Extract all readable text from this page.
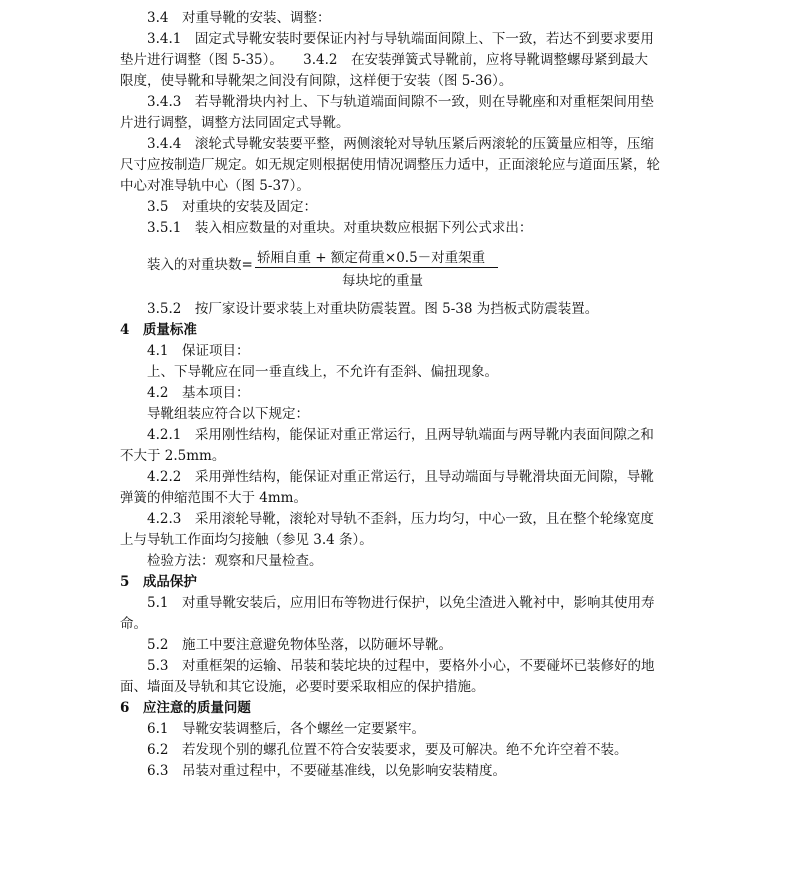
3.4　对重导靴的安装、调整：
3.4.1　固定式导靴安装时要保证内衬与导轨端面间隙上、下一致，若达不到要求要用
垫片进行调整（图 5-35）。　　3.4.2　在安装弹簧式导靴前，应将导靴调整螺母紧到最大
限度，使导靴和导靴架之间没有间隙，这样便于安装（图 5-36）。
3.4.3　若导靴滑块内衬上、下与轨道端面间隙不一致，则在导靴座和对重框架间用垫
片进行调整，调整方法同固定式导靴。
3.4.4　滚轮式导靴安装要平整，两侧滚轮对导轨压紧后两滚轮的压簧量应相等，压缩
尺寸应按制造厂规定。如无规定则根据使用情况调整压力适中，正面滚轮应与道面压紧，轮
中心对准导轨中心（图 5-37）。
3.5　对重块的安装及固定：
3.5.1　装入相应数量的对重块。对重块数应根据下列公式求出：
装入的对重块数= 轿厢自重 + 额定荷重×0.5－对重架重
每块坨的重量
3.5.2　按厂家设计要求装上对重块防震装置。图 5-38 为挡板式防震装置。
4　质量标准
4.1　保证项目：
上、下导靴应在同一垂直线上，不允许有歪斜、偏扭现象。
4.2　基本项目：
导靴组装应符合以下规定：
4.2.1　采用刚性结构，能保证对重正常运行，且两导轨端面与两导靴内表面间隙之和
不大于 2.5mm。
4.2.2　采用弹性结构，能保证对重正常运行，且导动端面与导靴滑块面无间隙，导靴
弹簧的伸缩范围不大于 4mm。
4.2.3　采用滚轮导靴，滚轮对导轨不歪斜，压力均匀，中心一致，且在整个轮缘宽度
上与导轨工作面均匀接触（参见 3.4 条）。
检验方法：观察和尺量检查。
5　成品保护
5.1　对重导靴安装后，应用旧布等物进行保护，以免尘渣进入靴衬中，影响其使用寿
命。
5.2　施工中要注意避免物体坠落，以防砸坏导靴。
5.3　对重框架的运输、吊装和装坨块的过程中，要格外小心，不要碰坏已装修好的地
面、墙面及导轨和其它设施，必要时要采取相应的保护措施。
6　应注意的质量问题
6.1　导靴安装调整后，各个螺丝一定要紧牢。
6.2　若发现个别的螺孔位置不符合安装要求，要及可解决。绝不允许空着不装。
6.3　吊装对重过程中，不要碰基准线，以免影响安装精度。
